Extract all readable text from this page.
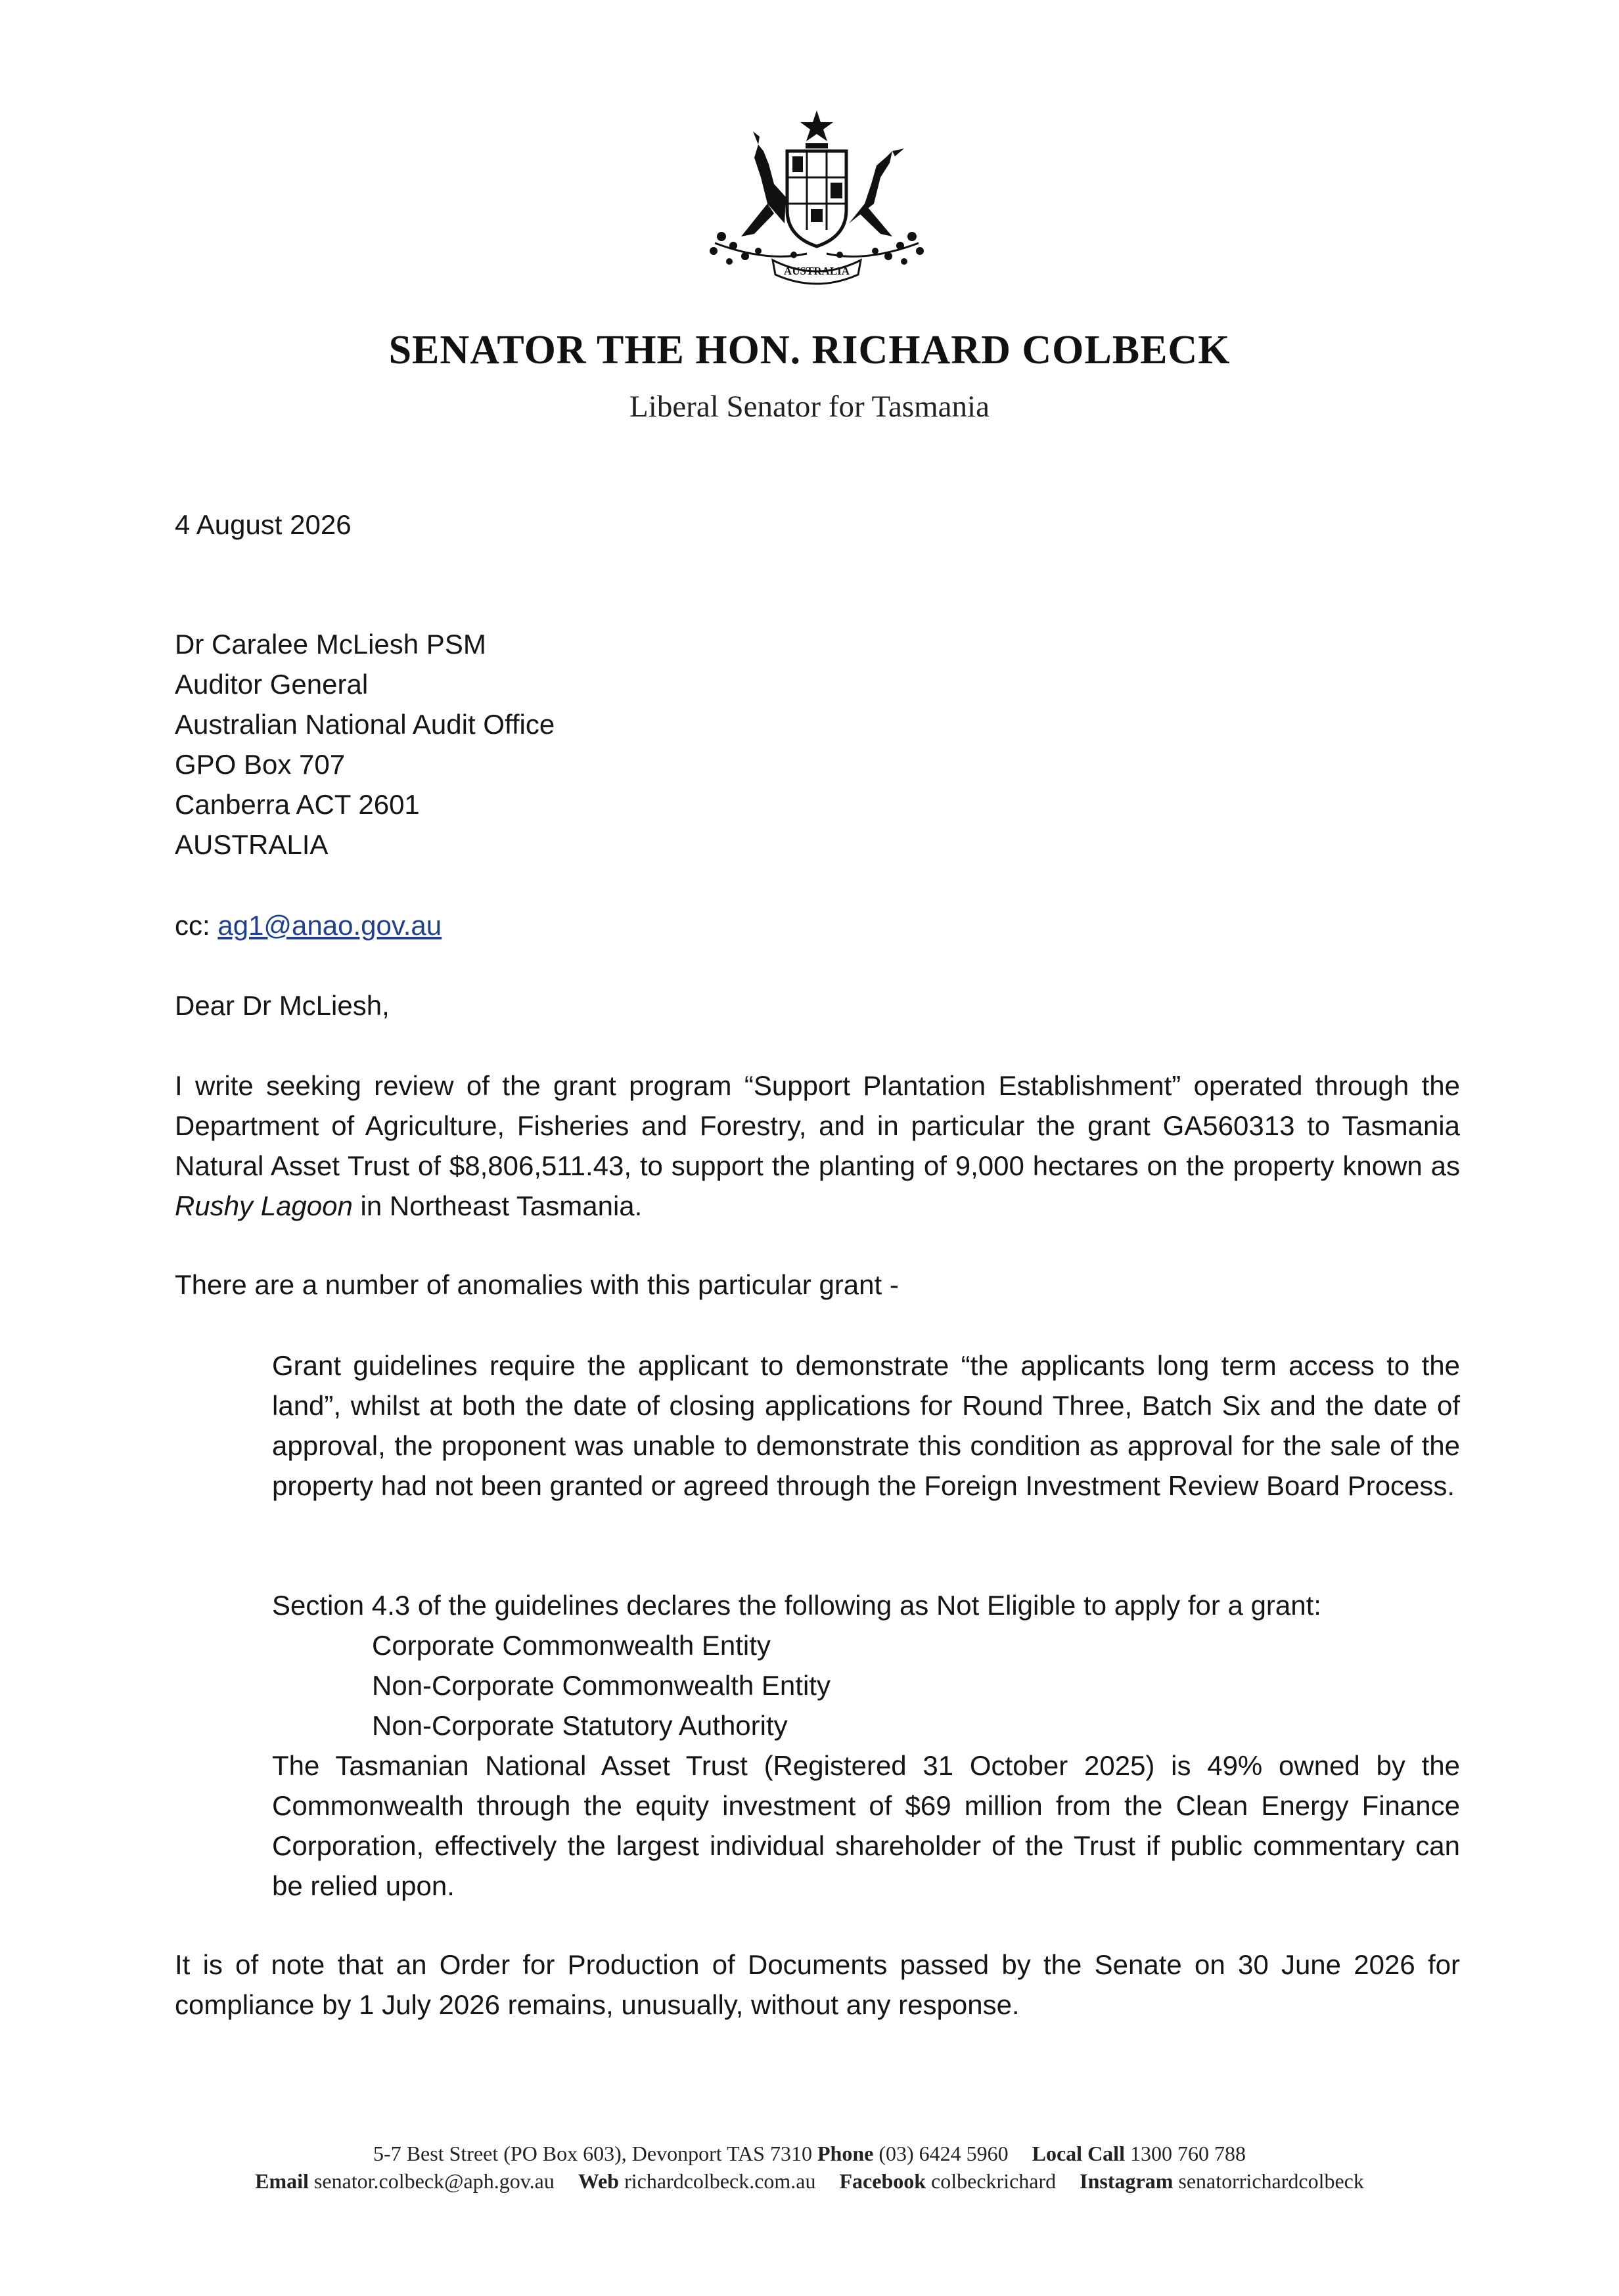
AUSTRALIA
SENATOR THE HON. RICHARD COLBECK
Liberal Senator for Tasmania
4 August 2026
Dr Caralee McLiesh PSM
Auditor General
Australian National Audit Office
GPO Box 707
Canberra ACT 2601
AUSTRALIA
cc: ag1@anao.gov.au
Dear Dr McLiesh,
I write seeking review of the grant program “Support Plantation Establishment” operated through the Department of Agriculture, Fisheries and Forestry, and in particular the grant GA560313 to Tasmania Natural Asset Trust of $8,806,511.43, to support the planting of 9,000 hectares on the property known as Rushy Lagoon in Northeast Tasmania.
There are a number of anomalies with this particular grant -
Grant guidelines require the applicant to demonstrate “the applicants long term access to the land”, whilst at both the date of closing applications for Round Three, Batch Six and the date of approval, the proponent was unable to demonstrate this condition as approval for the sale of the property had not been granted or agreed through the Foreign Investment Review Board Process.
Section 4.3 of the guidelines declares the following as Not Eligible to apply for a grant:
Corporate Commonwealth Entity
Non-Corporate Commonwealth Entity
Non-Corporate Statutory Authority
The Tasmanian National Asset Trust (Registered 31 October 2025) is 49% owned by the Commonwealth through the equity investment of $69 million from the Clean Energy Finance Corporation, effectively the largest individual shareholder of the Trust if public commentary can be relied upon.
It is of note that an Order for Production of Documents passed by the Senate on 30 June 2026 for compliance by 1 July 2026 remains, unusually, without any response.
5-7 Best Street (PO Box 603), Devonport TAS 7310 Phone (03) 6424 5960 Local Call 1300 760 788
Email senator.colbeck@aph.gov.au Web richardcolbeck.com.au Facebook colbeckrichard Instagram senatorrichardcolbeck
